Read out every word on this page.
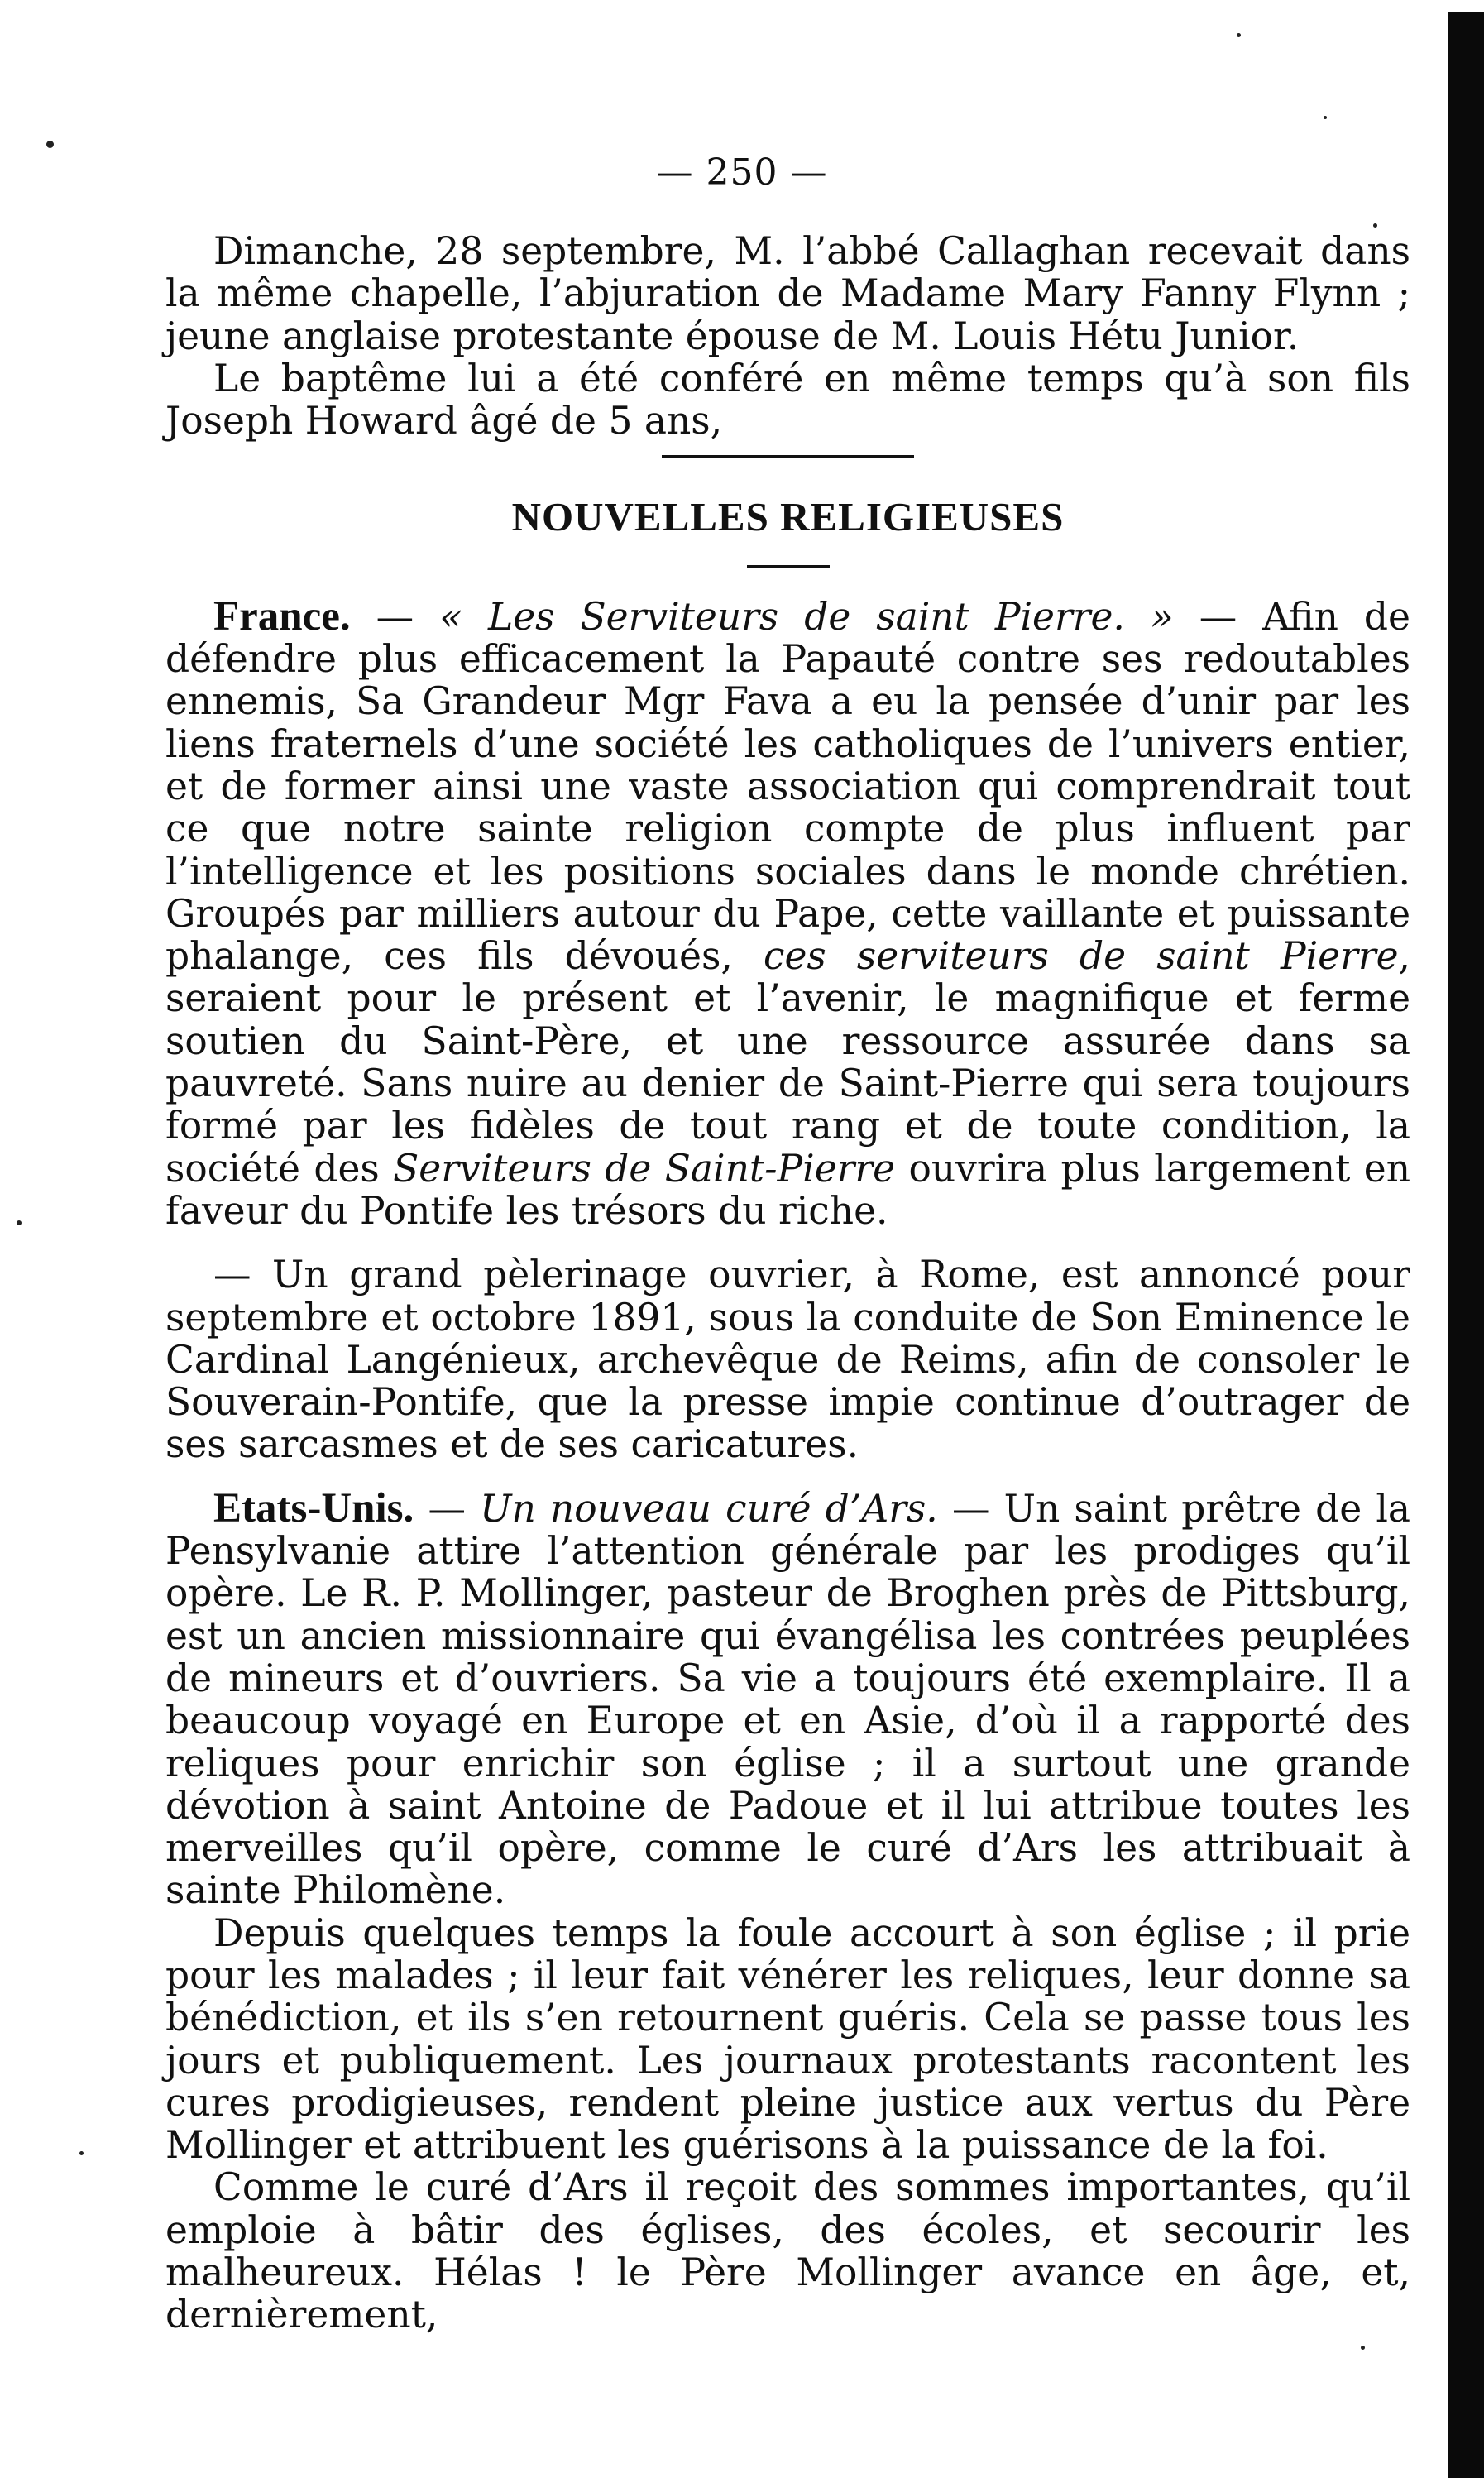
— 250 —

Dimanche, 28 septembre, M. l’abbé Callaghan recevait dans la même chapelle, l’abjuration de Madame Mary Fanny Flynn ; jeune anglaise protestante épouse de M. Louis Hétu Junior.

Le baptême lui a été conféré en même temps qu’à son fils Joseph Howard âgé de 5 ans,

NOUVELLES RELIGIEUSES

France. — « Les Serviteurs de saint Pierre. » — Afin de défendre plus efficacement la Papauté contre ses redoutables ennemis, Sa Grandeur Mgr Fava a eu la pensée d’unir par les liens fraternels d’une société les catholiques de l’univers entier, et de former ainsi une vaste association qui comprendrait tout ce que notre sainte religion compte de plus influent par l’intelligence et les positions sociales dans le monde chrétien. Groupés par milliers autour du Pape, cette vaillante et puissante phalange, ces fils dévoués, ces serviteurs de saint Pierre, seraient pour le présent et l’avenir, le magnifique et ferme soutien du Saint-Père, et une ressource assurée dans sa pauvreté. Sans nuire au denier de Saint-Pierre qui sera toujours formé par les fidèles de tout rang et de toute condition, la société des Serviteurs de Saint-Pierre ouvrira plus largement en faveur du Pontife les trésors du riche.

— Un grand pèlerinage ouvrier, à Rome, est annoncé pour septembre et octobre 1891, sous la conduite de Son Eminence le Cardinal Langénieux, archevêque de Reims, afin de consoler le Souverain-Pontife, que la presse impie continue d’outrager de ses sarcasmes et de ses caricatures.

Etats-Unis. — Un nouveau curé d’Ars. — Un saint prêtre de la Pensylvanie attire l’attention générale par les prodiges qu’il opère. Le R. P. Mollinger, pasteur de Broghen près de Pittsburg, est un ancien missionnaire qui évangélisa les contrées peuplées de mineurs et d’ouvriers. Sa vie a toujours été exemplaire. Il a beaucoup voyagé en Europe et en Asie, d’où il a rapporté des reliques pour enrichir son église ; il a surtout une grande dévotion à saint Antoine de Padoue et il lui attribue toutes les merveilles qu’il opère, comme le curé d’Ars les attribuait à sainte Philomène.

Depuis quelques temps la foule accourt à son église ; il prie pour les malades ; il leur fait vénérer les reliques, leur donne sa bénédiction, et ils s’en retournent guéris. Cela se passe tous les jours et publiquement. Les journaux protestants racontent les cures prodigieuses, rendent pleine justice aux vertus du Père Mollinger et attribuent les guérisons à la puissance de la foi.

Comme le curé d’Ars il reçoit des sommes importantes, qu’il emploie à bâtir des églises, des écoles, et secourir les malheureux. Hélas ! le Père Mollinger avance en âge, et, dernièrement,
